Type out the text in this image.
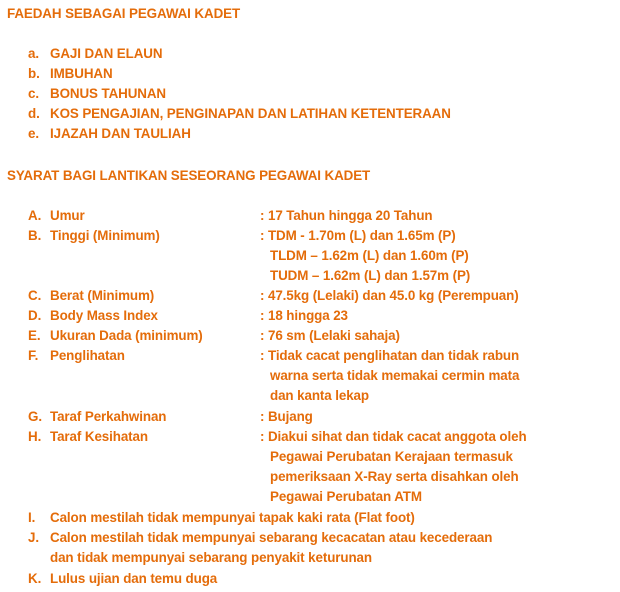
FAEDAH SEBAGAI PEGAWAI KADET
a. GAJI DAN ELAUN
b. IMBUHAN
c. BONUS TAHUNAN
d. KOS PENGAJIAN, PENGINAPAN DAN LATIHAN KETENTERAAN
e. IJAZAH DAN TAULIAH
SYARAT BAGI LANTIKAN SESEORANG PEGAWAI KADET
A. Umur	: 17 Tahun hingga 20 Tahun
B. Tinggi (Minimum)	: TDM - 1.70m (L) dan 1.65m (P)
TLDM – 1.62m (L) dan 1.60m (P)
TUDM – 1.62m (L) dan 1.57m (P)
C. Berat (Minimum)	: 47.5kg (Lelaki) dan 45.0 kg (Perempuan)
D. Body Mass Index	: 18 hingga 23
E. Ukuran Dada (minimum)	: 76 sm (Lelaki sahaja)
F. Penglihatan	: Tidak cacat penglihatan dan tidak rabun
warna serta tidak memakai cermin mata
dan kanta lekap
G. Taraf Perkahwinan	: Bujang
H. Taraf Kesihatan	: Diakui sihat dan tidak cacat anggota oleh
Pegawai Perubatan Kerajaan termasuk
pemeriksaan X-Ray serta disahkan oleh
Pegawai Perubatan ATM
I. Calon mestilah tidak mempunyai tapak kaki rata (Flat foot)
J. Calon mestilah tidak mempunyai sebarang kecacatan atau kecederaan
dan tidak mempunyai sebarang penyakit keturunan
K. Lulus ujian dan temu duga
